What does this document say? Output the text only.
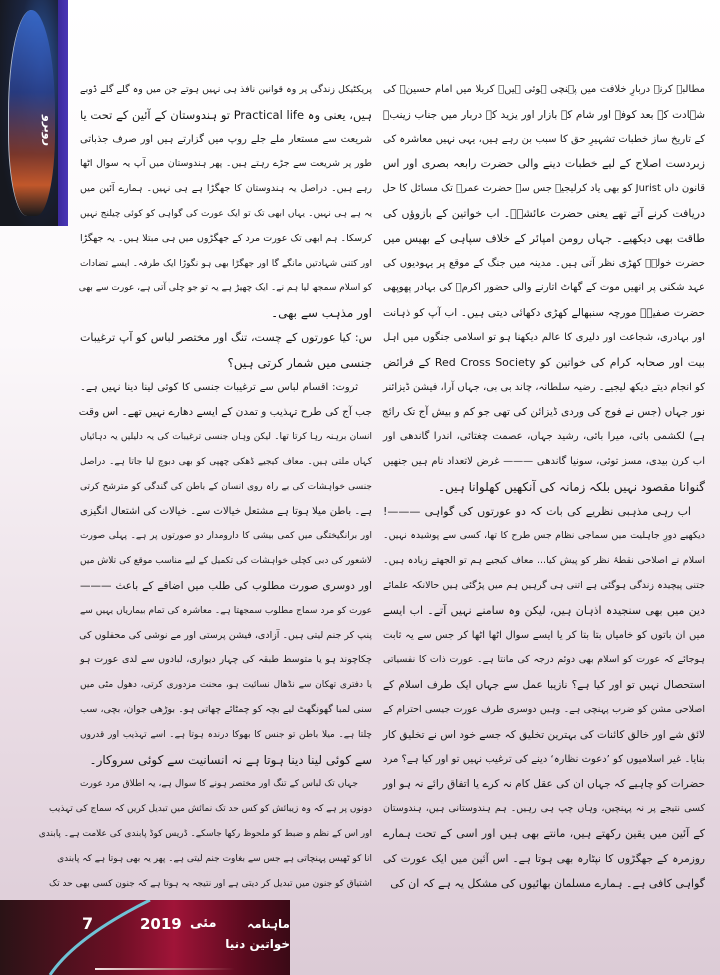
روبرو
مطالبہ کرنے دربارِ خلافت میں پہنچی ہوئی ہیں۔ کربلا میں امام حسینؓ کی
شہادت کے بعد کوفہ اور شام کے بازار اور یزید کے دربار میں جناب زینبؓ
کے تاریخ ساز خطبات تشہیرِ حق کا سبب بن رہے ہیں، یہی نہیں معاشرہ کی
زبردست اصلاح کے لیے خطبات دینے والی حضرت رابعہ بصری اور اس
قانون داں Jurist کو بھی یاد کرلیجیے جس سے حضرت عمرؓ تک مسائل کا حل
دریافت کرنے آتے تھے یعنی حضرت عائشہؓ۔ اب خواتین کے بازوؤں کی
طاقت بھی دیکھیے۔ جہاں رومن امپائر کے خلاف سپاہی کے بھیس میں
حضرت خولہؓ کھڑی نظر آتی ہیں۔ مدینہ میں جنگ کے موقع پر یہودیوں کی
عہد شکنی پر انھیں موت کے گھاٹ اتارنے والی حضور اکرمؐ کی بہادر پھوپھی
حضرت صفیہؓ مورچہ سنبھالے کھڑی دکھائی دیتی ہیں۔ اب آپ کو ذہانت
اور بہادری، شجاعت اور دلیری کا عالم دیکھنا ہو تو اسلامی جنگوں میں اہل
بیت اور صحابہ کرام کی خواتین کو Red Cross Society کے فرائض
کو انجام دیتے دیکھ لیجیے۔ رضیہ سلطانہ، چاند بی بی، جہاں آرا، فیشن ڈیزائنر
نور جہاں (جس نے فوج کی وردی ڈیزائن کی تھی جو کم و بیش آج تک رائج
ہے) لکشمی بائی، میرا بائی، رشید جہاں، عصمت چغتائی، اندرا گاندھی اور
اب کرن بیدی، مسز توئی، سونیا گاندھی ——— غرض لاتعداد نام ہیں جنھیں
گنوانا مقصود نہیں بلکہ زمانہ کی آنکھیں کھلوانا ہیں۔
اب رہی مذہبی نظریے کی بات کہ دو عورتوں کی گواہی ———!
دیکھیے دورِ جاہلیت میں سماجی نظام جس طرح کا تھا، کسی سے پوشیدہ نہیں۔
اسلام نے اصلاحی نقطۂ نظر کو پیش کیا... معاف کیجیے ہم تو الجھتے زیادہ ہیں۔
جتنی پیچیدہ زندگی ہوگئی ہے اتنی ہی گرہیں ہم میں پڑگئی ہیں حالانکہ علمائے
دین میں بھی سنجیدہ اذہان ہیں، لیکن وہ سامنے نہیں آتے۔ اب ایسے
میں ان باتوں کو خامیاں بتا بتا کر یا ایسے سوال اٹھا اٹھا کر جس سے یہ ثابت
ہوجائے کہ عورت کو اسلام بھی دوئم درجہ کی مانتا ہے۔ عورت ذات کا نفسیاتی
استحصال نہیں تو اور کیا ہے؟ نازیبا عمل سے جہاں ایک طرف اسلام کے
اصلاحی مشن کو ضرب پہنچی ہے۔ وہیں دوسری طرف عورت جیسی احترام کے
لائق شے اور خالق کائنات کی بہترین تخلیق کہ جسے خود اس نے تخلیق کار
بنایا۔ غیر اسلامیوں کو ’دعوت نظارہ‘ دینے کی ترغیب نہیں تو اور کیا ہے؟ مرد
حضرات کو چاہیے کہ جہاں ان کی عقل کام نہ کرے یا اتفاق رائے نہ ہو اور
کسی نتیجے پر نہ پہنچیں، وہاں چپ ہی رہیں۔ ہم ہندوستانی ہیں، ہندوستان
کے آئین میں یقین رکھتے ہیں، مانتے بھی ہیں اور اسی کے تحت ہمارے
روزمرہ کے جھگڑوں کا نپٹارہ بھی ہوتا ہے۔ اس آئین میں ایک عورت کی
گواہی کافی ہے۔ ہمارے مسلمان بھائیوں کی مشکل یہ ہے کہ ان کی
پریکٹیکل زندگی پر وہ قوانین نافذ ہی نہیں ہوتے جن میں وہ گلے گلے ڈوبے
ہیں، یعنی وہ Practical life تو ہندوستان کے آئین کے تحت یا
شریعت سے مستعار ملے جلے روپ میں گزارتے ہیں اور صرف جذباتی
طور پر شریعت سے جڑے رہتے ہیں۔ پھر ہندوستان میں آپ یہ سوال اٹھا
رہے ہیں۔ دراصل یہ ہندوستان کا جھگڑا ہے ہی نہیں۔ ہمارے آئین میں
یہ ہے ہی نہیں۔ یہاں ابھی تک تو ایک عورت کی گواہی کو کوئی چیلنج نہیں
کرسکا۔ ہم ابھی تک عورت مرد کے جھگڑوں میں ہی مبتلا ہیں۔ یہ جھگڑا
اور کتنی شہادتیں مانگے گا اور جھگڑا بھی ہو نگوڑا ایک طرفہ۔ ایسے تضادات
کو اسلام سمجھ لیا ہم نے۔ ایک چھیڑ ہے یہ تو جو چلی آتی ہے، عورت سے بھی
اور مذہب سے بھی۔
س: کیا عورتوں کے چست، تنگ اور مختصر لباس کو آپ ترغیبات
جنسی میں شمار کرتی ہیں؟
ثروت: اقسام لباس سے ترغیبات جنسی کا کوئی لینا دینا نہیں ہے۔
جب آج کی طرح تہذیب و تمدن کے ایسے دھارے نہیں تھے۔ اس وقت
انسان برہنہ رہا کرتا تھا۔ لیکن وہاں جنسی ترغیبات کی یہ دلیلیں یہ دہائیاں
کہاں ملتی ہیں۔ معاف کیجیے ڈھکی چھپی کو بھی دبوچ لیا جاتا ہے۔ دراصل
جنسی خواہشات کی بے راہ روی انسان کے باطن کی گندگی کو مترشح کرتی
ہے۔ باطن میلا ہوتا ہے مشتعل خیالات سے۔ خیالات کی اشتعال انگیزی
اور برانگیختگی میں کمی بیشی کا دارومدار دو صورتوں پر ہے۔ پہلی صورت
لاشعور کی دبی کچلی خواہشات کی تکمیل کے لیے مناسب موقع کی تلاش میں
اور دوسری صورت مطلوب کی طلب میں اضافے کے باعث ———
عورت کو مرد سماج مطلوب سمجھتا ہے۔ معاشرہ کی تمام بیماریاں یہیں سے
پنپ کر جنم لیتی ہیں۔ آزادی، فیشن پرستی اور مے نوشی کی محفلوں کی
چکاچوند ہو یا متوسط طبقہ کی چہار دیواری، لبادوں سے لدی عورت ہو
یا دفتری تھکان سے نڈھال نسائیت ہو، محنت مزدوری کرتی، دھول مٹی میں
سنی لمبا گھونگھٹ لیے بچہ کو چمٹائے چھاتی ہو۔ بوڑھی جوان، بچی، سب
چلتا ہے۔ میلا باطن تو جنس کا بھوکا درندہ ہوتا ہے۔ اسے تہذیب اور قدروں
سے کوئی لینا دینا ہوتا ہے نہ انسانیت سے کوئی سروکار۔
جہاں تک لباس کے تنگ اور مختصر ہونے کا سوال ہے، یہ اطلاق مرد عورت
دونوں پر ہے کہ وہ زیبائش کو کس حد تک نمائش میں تبدیل کریں کہ سماج کی تہذیب
اور اس کے نظم و ضبط کو ملحوظ رکھا جاسکے۔ ڈریس کوڈ پابندی کی علامت ہے۔ پابندی
انا کو ٹھیس پہنچاتی ہے جس سے بغاوت جنم لیتی ہے۔ پھر یہ بھی ہوتا ہے کہ پابندی
اشتیاق کو جنون میں تبدیل کر دیتی ہے اور نتیجہ یہ ہوتا ہے کہ جنون کسی بھی حد تک
7	2019 مئی	ماہنامہ خواتین دنیا
